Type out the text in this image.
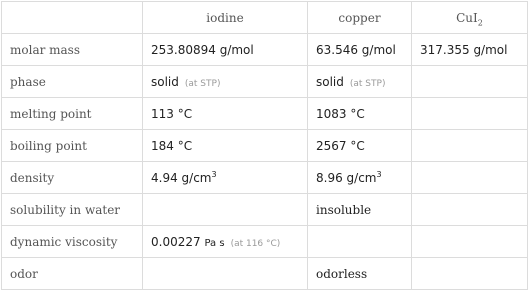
	iodine	copper	CuI$_2$
molar mass	253.80894 g/mol	63.546 g/mol	317.355 g/mol
phase	solid (at STP)	solid (at STP)	
melting point	113 °C	1083 °C	
boiling point	184 °C	2567 °C	
density	4.94 $g/cm^3$	8.96 $g/cm^3$	
solubility in water		insoluble	
dynamic viscosity	0.00227 Pa s (at 116 °C)		
odor		odorless	
